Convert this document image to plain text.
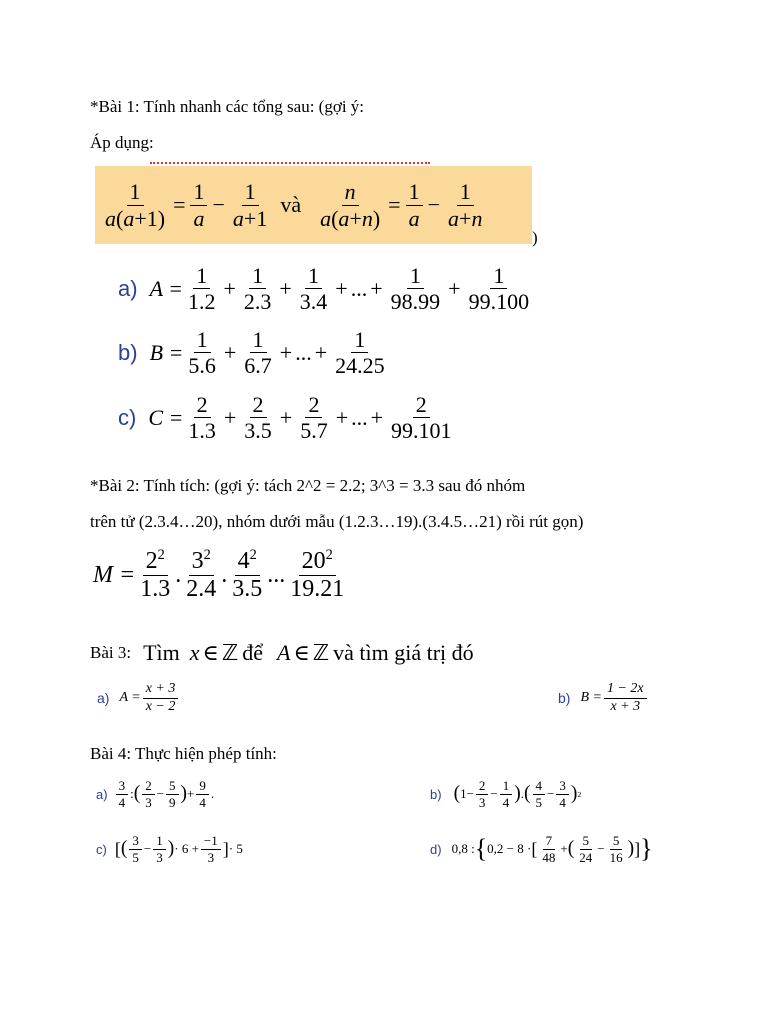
*Bài 1: Tính nhanh các tổng sau: (gợi ý:
Áp dụng:
$\frac{1}{a(a+1)} = \frac{1}{a} - \frac{1}{a+1}$ và $\frac{n}{a(a+n)} = \frac{1}{a} - \frac{1}{a+n}$
)
a) $A = \frac{1}{1.2} + \frac{1}{2.3} + \frac{1}{3.4}$ + ... + $\frac{1}{98.99} + \frac{1}{99.100}$
b) $B = \frac{1}{5.6} + \frac{1}{6.7}$ + ... + $\frac{1}{24.25}$
c) $C = \frac{2}{1.3} + \frac{2}{3.5} + \frac{2}{5.7}$ + ... + $\frac{2}{99.101}$
*Bài 2: Tính tích: (gợi ý: tách 2^2 = 2.2; 3^3 = 3.3 sau đó nhóm
trên tử (2.3.4…20), nhóm dưới mẫu (1.2.3…19).(3.4.5…21) rồi rút gọn)
$M = \frac{2^2}{1.3}$ . $\frac{3^2}{2.4}$ . $\frac{4^2}{3.5}$ ... $\frac{20^2}{19.21}$
Bài 3: Tìm x ∈ ℤ để A ∈ ℤ và tìm giá trị đó
a) $A = \frac{x + 3}{x - 2}$	b) $B = \frac{1 - 2x}{x + 3}$
Bài 4: Thực hiện phép tính:
$a) \frac{3}{4}$ : ( $\frac{2}{3} - \frac{5}{9}$ ) + $\frac{9}{4}$ .	b) ( $1- \frac{2}{3} - \frac{1}{4}$ ) . ( $\frac{4}{5} - \frac{3}{4}$ ) 2
c) [ ( $\frac{3}{5} - \frac{1}{3}$ ) · $6 + \frac{-1}{3}$ ] · 5	d) 0,8 : { 0,2 − 8 · [ $\frac{7}{48}$ + ( $\frac{5}{24} - \frac{5}{16}$ ) ] }
